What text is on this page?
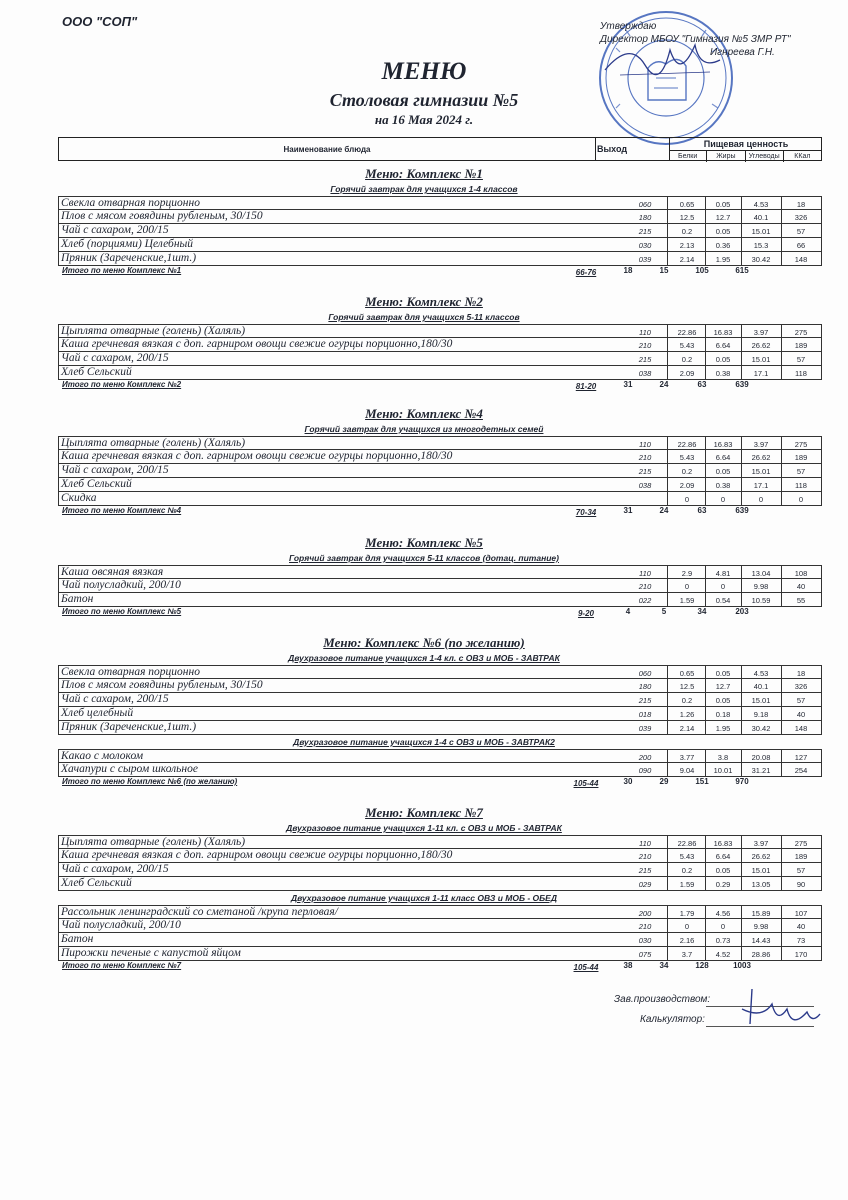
ООО "СОП"	Утверждаю
Директор МБОУ "Гимназия №5 ЗМР РТ"
Игнреева Г.Н.
МЕНЮ
Столовая гимназии №5
на 16 Мая 2024 г.
Наименование блюда	Выход	Пищевая ценность
Белки	Жиры	Углеводы	ККал
Меню: Комплекс №1
Горячий завтрак для учащихся 1-4 классов
Свекла отварная порционно	060	0.65	0.05	4.53	18
Плов с мясом говядины рубленым, 30/150	180	12.5	12.7	40.1	326
Чай с сахаром, 200/15	215	0.2	0.05	15.01	57
Хлеб (порциями) Целебный	030	2.13	0.36	15.3	66
Пряник (Зареченские,1шт.)	039	2.14	1.95	30.42	148
Итого по меню Комплекс №1	66-76	18	15	105	615
Меню: Комплекс №2
Горячий завтрак для учащихся 5-11 классов
Цыплята отварные (голень) (Халяль)	110	22.86	16.83	3.97	275
Каша гречневая вязкая с доп. гарниром овощи свежие огурцы порционно,180/30	210	5.43	6.64	26.62	189
Чай с сахаром, 200/15	215	0.2	0.05	15.01	57
Хлеб Сельский	038	2.09	0.38	17.1	118
Итого по меню Комплекс №2	81-20	31	24	63	639
Меню: Комплекс №4
Горячий завтрак для учащихся из многодетных семей
Цыплята отварные (голень) (Халяль)	110	22.86	16.83	3.97	275
Каша гречневая вязкая с доп. гарниром овощи свежие огурцы порционно,180/30	210	5.43	6.64	26.62	189
Чай с сахаром, 200/15	215	0.2	0.05	15.01	57
Хлеб Сельский	038	2.09	0.38	17.1	118
Скидка	0	0	0	0
Итого по меню Комплекс №4	70-34	31	24	63	639
Меню: Комплекс №5
Горячий завтрак для учащихся 5-11 классов (дотац. питание)
Каша овсяная вязкая	110	2.9	4.81	13.04	108
Чай полусладкий, 200/10	210	0	0	9.98	40
Батон	022	1.59	0.54	10.59	55
Итого по меню Комплекс №5	9-20	4	5	34	203
Меню: Комплекс №6 (по желанию)
Двухразовое питание учащихся 1-4 кл. с ОВЗ и МОБ - ЗАВТРАК
Свекла отварная порционно	060	0.65	0.05	4.53	18
Плов с мясом говядины рубленым, 30/150	180	12.5	12.7	40.1	326
Чай с сахаром, 200/15	215	0.2	0.05	15.01	57
Хлеб целебный	018	1.26	0.18	9.18	40
Пряник (Зареченские,1шт.)	039	2.14	1.95	30.42	148
Двухразовое питание учащихся 1-4 с ОВЗ и МОБ - ЗАВТРАК2
Какао с молоком	200	3.77	3.8	20.08	127
Хачапури с сыром школьное	090	9.04	10.01	31.21	254
Итого по меню Комплекс №6 (по желанию)	105-44	30	29	151	970
Меню: Комплекс №7
Двухразовое питание учащихся 1-11 кл. с ОВЗ и МОБ - ЗАВТРАК
Цыплята отварные (голень) (Халяль)	110	22.86	16.83	3.97	275
Каша гречневая вязкая с доп. гарниром овощи свежие огурцы порционно,180/30	210	5.43	6.64	26.62	189
Чай с сахаром, 200/15	215	0.2	0.05	15.01	57
Хлеб Сельский	029	1.59	0.29	13.05	90
Двухразовое питание учащихся 1-11 класс ОВЗ и МОБ - ОБЕД
Рассольник ленинградский со сметаной /крупа перловая/	200	1.79	4.56	15.89	107
Чай полусладкий, 200/10	210	0	0	9.98	40
Батон	030	2.16	0.73	14.43	73
Пирожки печеные с капустой яйцом	075	3.7	4.52	28.86	170
Итого по меню Комплекс №7	105-44	38	34	128	1003
Зав.производством:
Калькулятор:
